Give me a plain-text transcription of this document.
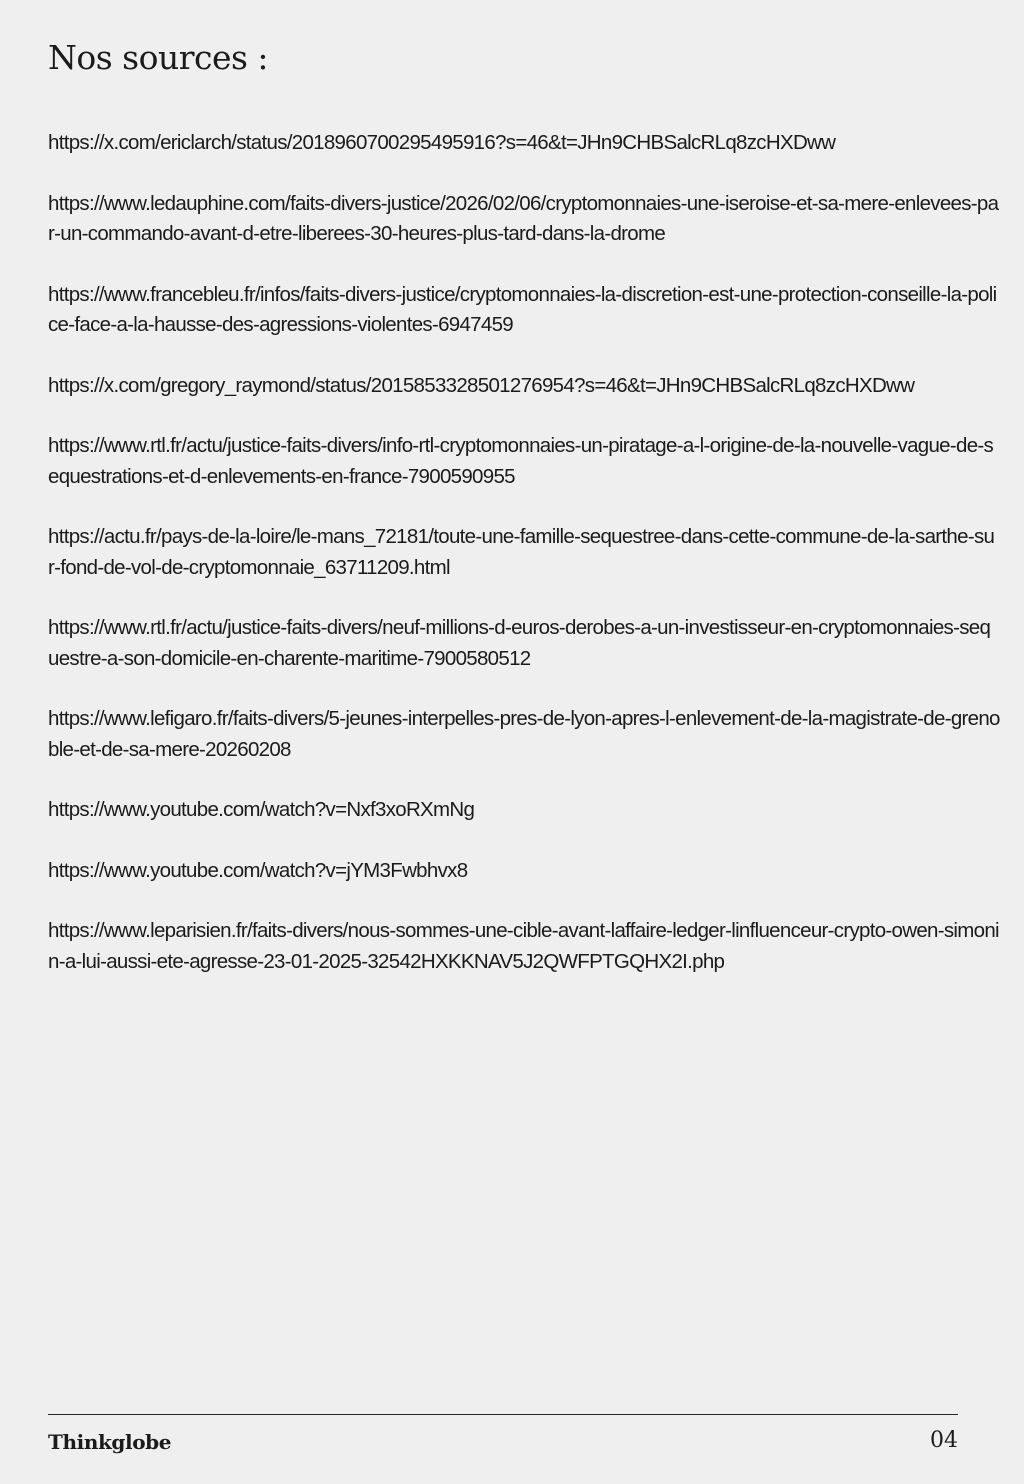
Nos sources :
https://x.com/ericlarch/status/2018960700295495916?s=46&t=JHn9CHBSalcRLq8zcHXDww
https://www.ledauphine.com/faits-divers-justice/2026/02/06/cryptomonnaies-une-iseroise-et-sa-mere-enlevees-par-un-commando-avant-d-etre-liberees-30-heures-plus-tard-dans-la-drome
https://www.francebleu.fr/infos/faits-divers-justice/cryptomonnaies-la-discretion-est-une-protection-conseille-la-police-face-a-la-hausse-des-agressions-violentes-6947459
https://x.com/gregory_raymond/status/2015853328501276954?s=46&t=JHn9CHBSalcRLq8zcHXDww
https://www.rtl.fr/actu/justice-faits-divers/info-rtl-cryptomonnaies-un-piratage-a-l-origine-de-la-nouvelle-vague-de-sequestrations-et-d-enlevements-en-france-7900590955
https://actu.fr/pays-de-la-loire/le-mans_72181/toute-une-famille-sequestree-dans-cette-commune-de-la-sarthe-sur-fond-de-vol-de-cryptomonnaie_63711209.html
https://www.rtl.fr/actu/justice-faits-divers/neuf-millions-d-euros-derobes-a-un-investisseur-en-cryptomonnaies-sequestre-a-son-domicile-en-charente-maritime-7900580512
https://www.lefigaro.fr/faits-divers/5-jeunes-interpelles-pres-de-lyon-apres-l-enlevement-de-la-magistrate-de-grenoble-et-de-sa-mere-20260208
https://www.youtube.com/watch?v=Nxf3xoRXmNg
https://www.youtube.com/watch?v=jYM3Fwbhvx8
https://www.leparisien.fr/faits-divers/nous-sommes-une-cible-avant-laffaire-ledger-linfluenceur-crypto-owen-simonin-a-lui-aussi-ete-agresse-23-01-2025-32542HXKKNAV5J2QWFPTGQHX2I.php
Thinkglobe	04
